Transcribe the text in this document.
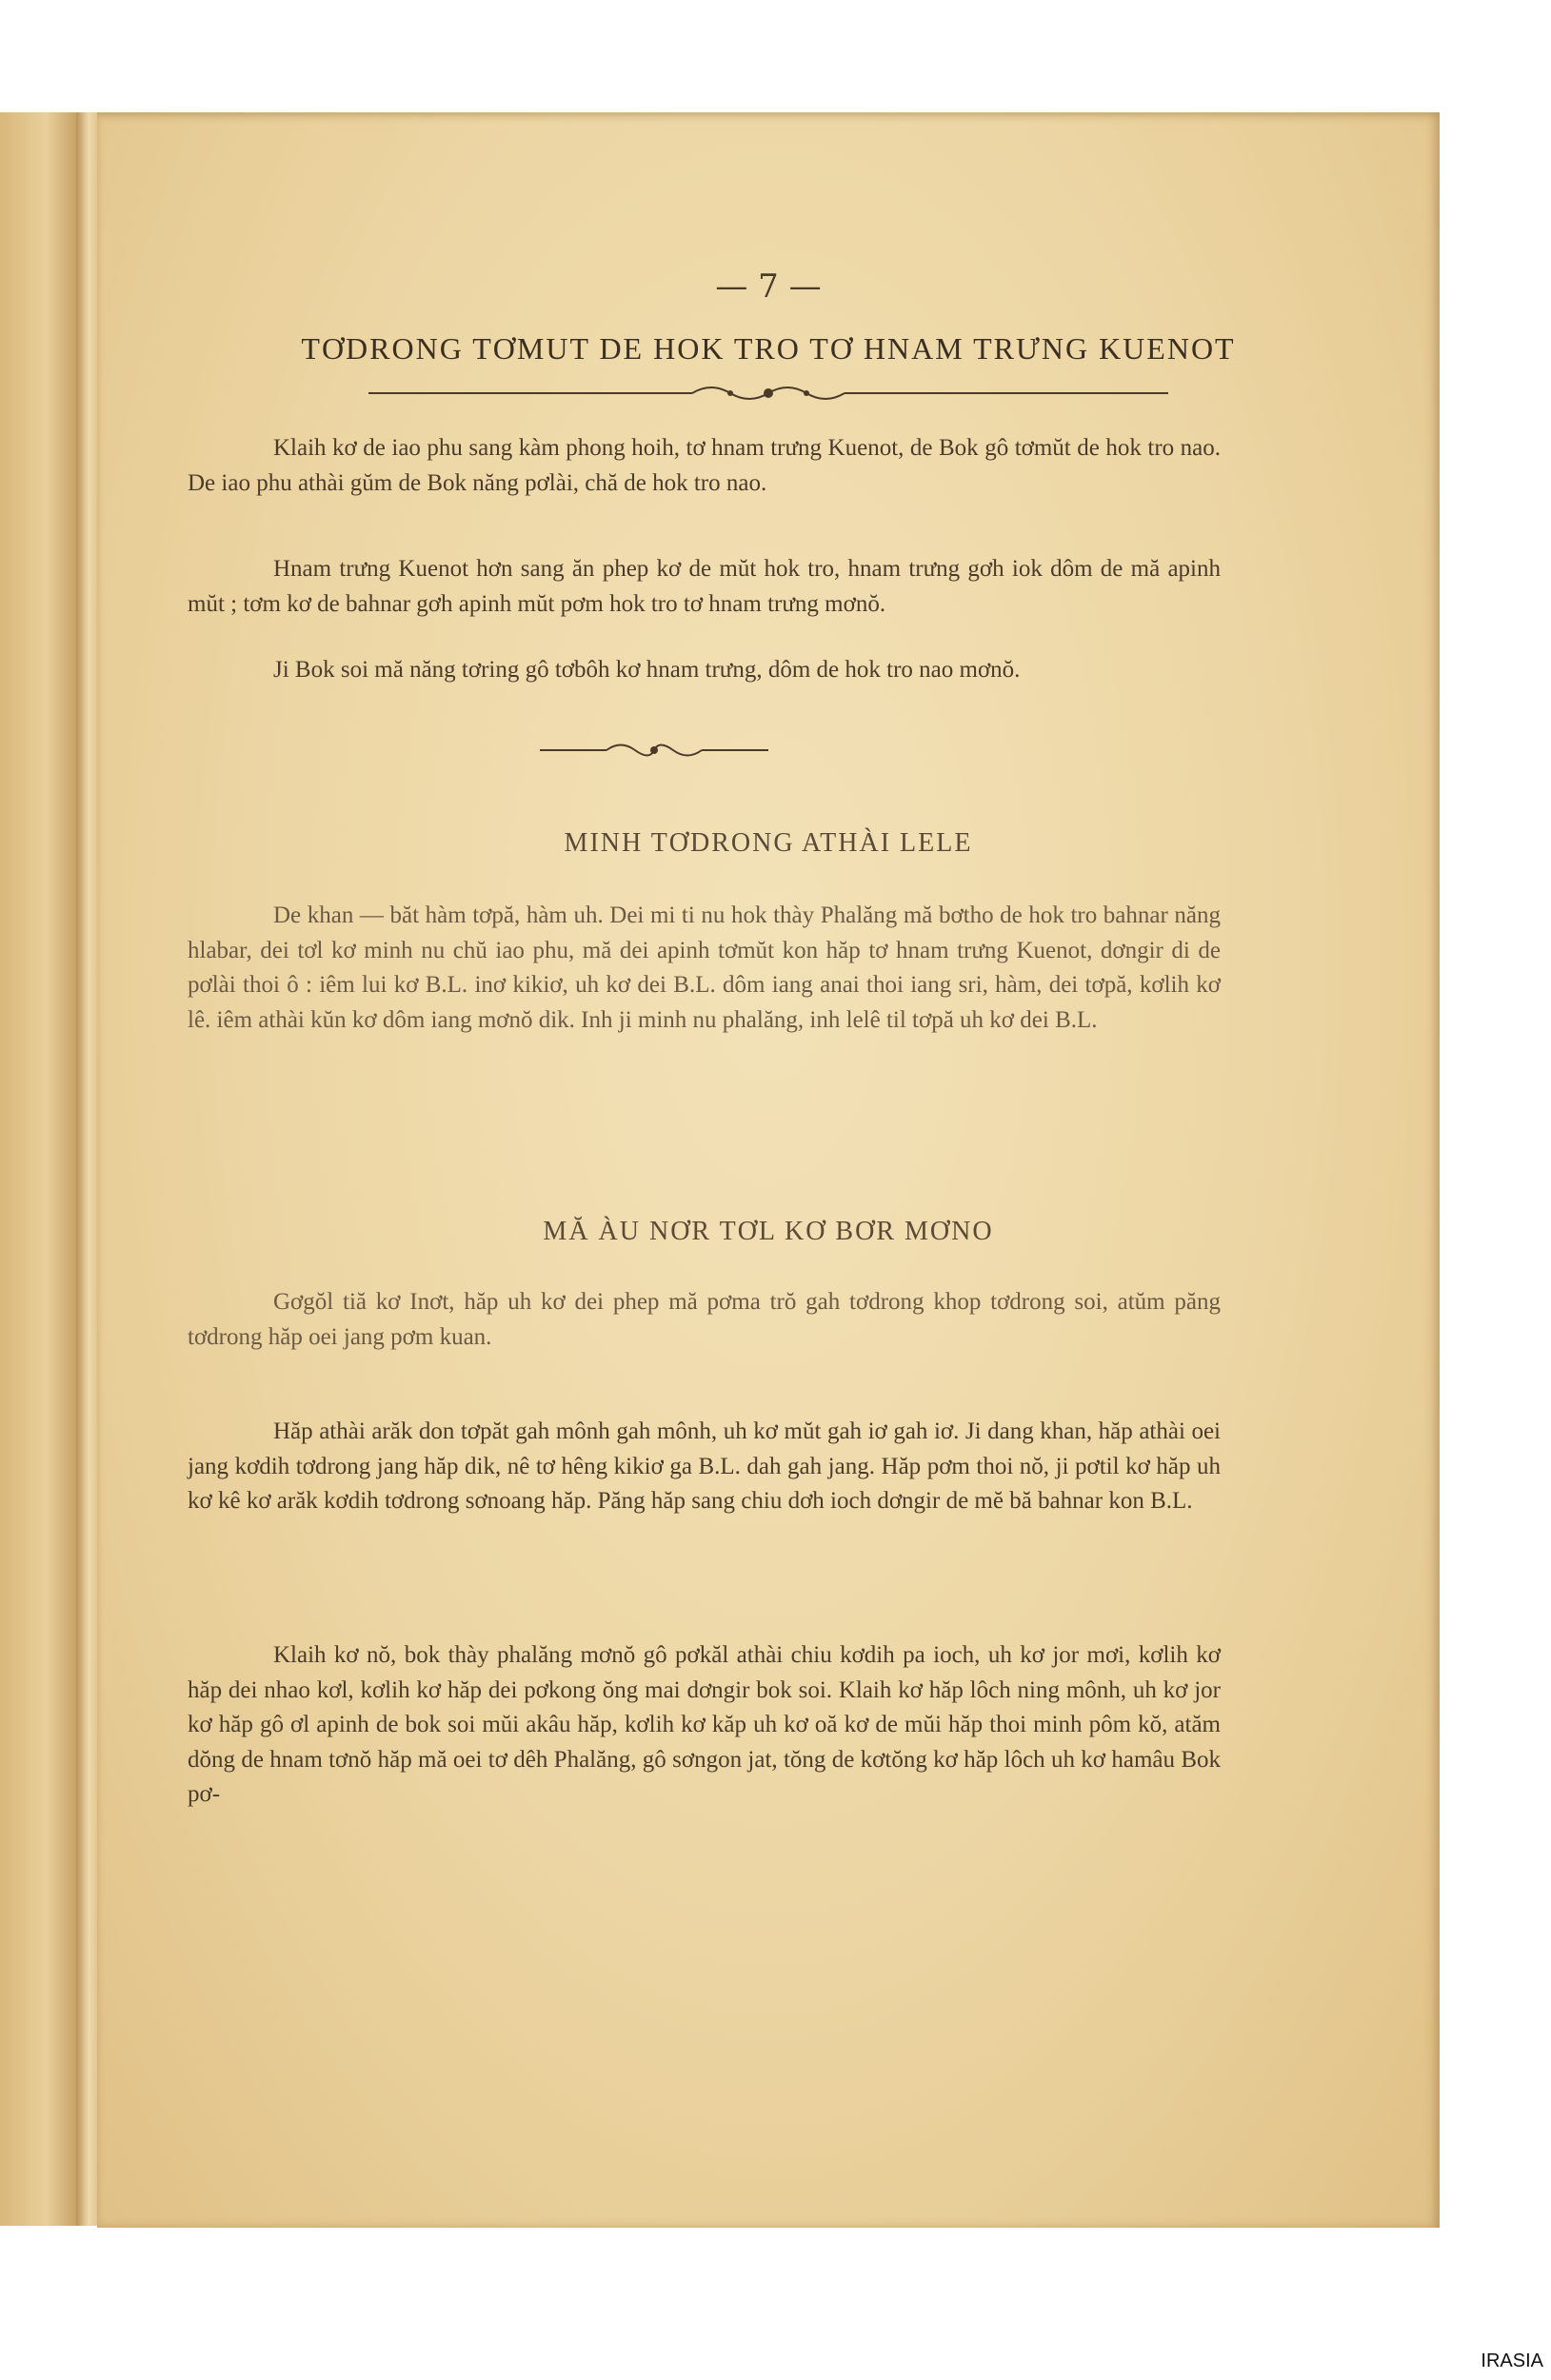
— 7 —
TƠDRONG TƠMUT DE HOK TRO TƠ HNAM TRƯNG KUENOT

Klaih kơ de iao phu sang kàm phong hoih, tơ hnam trưng Kuenot, de Bok gô tơmŭt de hok tro nao. De iao phu athài gŭm de Bok năng pơlài, chă de hok tro nao.

Hnam trưng Kuenot hơn sang ăn phep kơ de mŭt hok tro, hnam trưng gơh iok dôm de mă apinh mŭt ; tơm kơ de bahnar gơh apinh mŭt pơm hok tro tơ hnam trưng mơnŏ.

Ji Bok soi mă năng tơring gô tơbôh kơ hnam trưng, dôm de hok tro nao mơnŏ.

MINH TƠDRONG ATHÀI LELE

De khan — băt hàm tơpă, hàm uh. Dei mi ti nu hok thày Phalăng mă bơtho de hok tro bahnar năng hlabar, dei tơl kơ minh nu chŭ iao phu, mă dei apinh tơmŭt kon hăp tơ hnam trưng Kuenot, dơngir di de pơlài thoi ô : iêm lui kơ B.L. inơ kikiơ, uh kơ dei B.L. dôm iang anai thoi iang sri, hàm, dei tơpă, kơlih kơ lê. iêm athài kŭn kơ dôm iang mơnŏ dik. Inh ji minh nu phalăng, inh lelê til tơpă uh kơ dei B.L.

MĂ ÀU NƠR TƠL KƠ BƠR MƠNO

Gơgŏl tiă kơ Inơt, hăp uh kơ dei phep mă pơma trŏ gah tơdrong khop tơdrong soi, atŭm păng tơdrong hăp oei jang pơm kuan.

Hăp athài arăk don tơpăt gah mônh gah mônh, uh kơ mŭt gah iơ gah iơ. Ji dang khan, hăp athài oei jang kơdih tơdrong jang hăp dik, nê tơ hêng kikiơ ga B.L. dah gah jang. Hăp pơm thoi nŏ, ji pơtil kơ hăp uh kơ kê kơ arăk kơdih tơdrong sơnoang hăp. Păng hăp sang chiu dơh ioch dơngir de mĕ bă bahnar kon B.L.

Klaih kơ nŏ, bok thày phalăng mơnŏ gô pơkăl athài chiu kơdih pa ioch, uh kơ jor mơi, kơlih kơ hăp dei nhao kơl, kơlih kơ hăp dei pơkong ŏng mai dơngir bok soi. Klaih kơ hăp lôch ning mônh, uh kơ jor kơ hăp gô ơl apinh de bok soi mŭi akâu hăp, kơlih kơ kăp uh kơ oă kơ de mŭi hăp thoi minh pôm kŏ, atăm dŏng de hnam tơnŏ hăp mă oei tơ dêh Phalăng, gô sơngon jat, tŏng de kơtŏng kơ hăp lôch uh kơ hamâu Bok pơ-

IRASIA
